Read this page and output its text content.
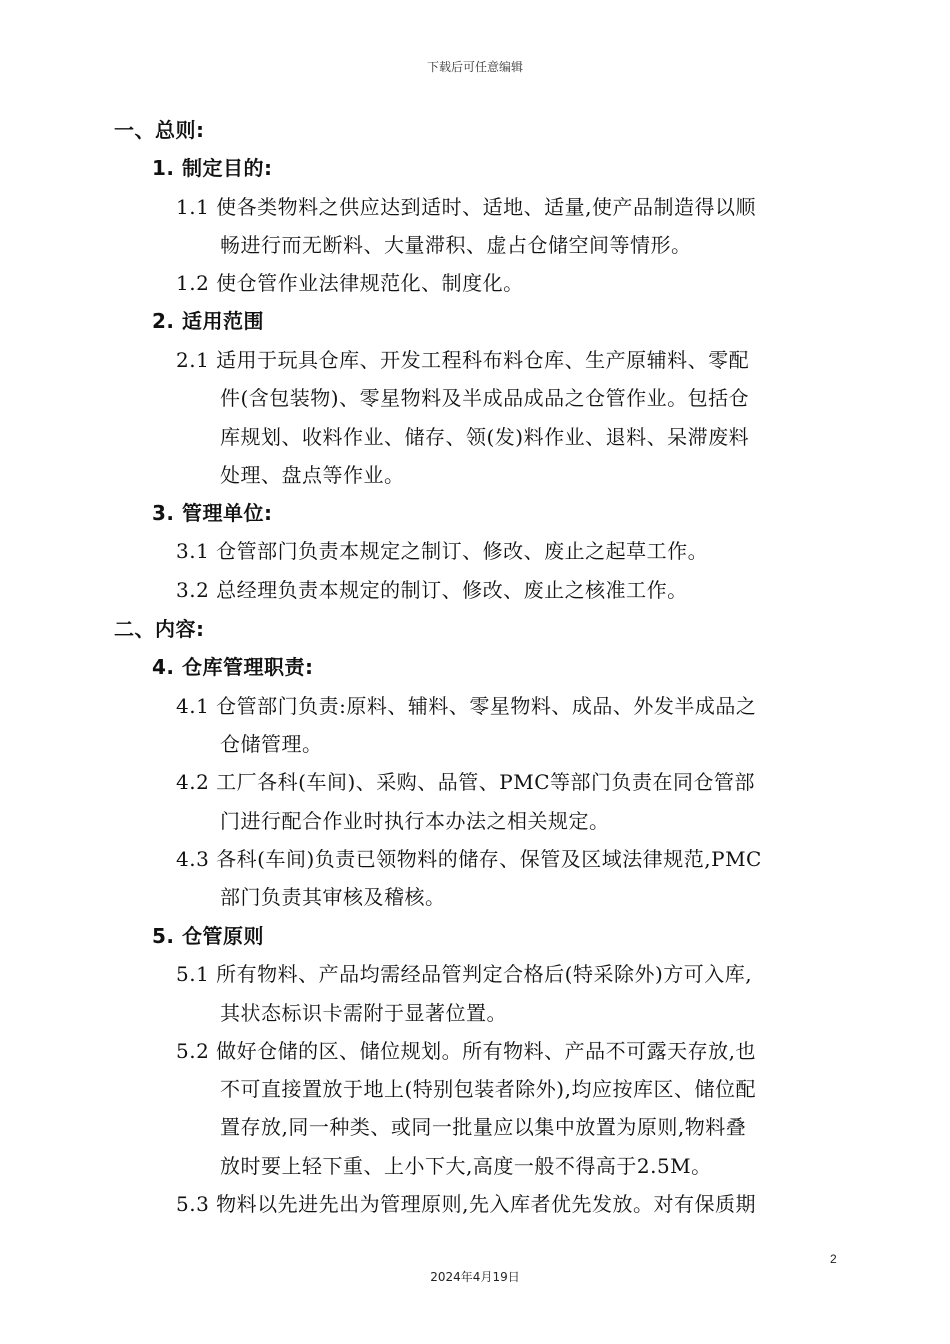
下载后可任意编辑
一、总则:
1. 制定目的:
1.1 使各类物料之供应达到适时、适地、适量,使产品制造得以顺
畅进行而无断料、大量滞积、虚占仓储空间等情形。
1.2 使仓管作业法律规范化、制度化。
2. 适用范围
2.1 适用于玩具仓库、开发工程科布料仓库、生产原辅料、零配
件(含包装物)、零星物料及半成品成品之仓管作业。包括仓
库规划、收料作业、储存、领(发)料作业、退料、呆滞废料
处理、盘点等作业。
3. 管理单位:
3.1 仓管部门负责本规定之制订、修改、废止之起草工作。
3.2 总经理负责本规定的制订、修改、废止之核准工作。
二、内容:
4. 仓库管理职责:
4.1 仓管部门负责:原料、辅料、零星物料、成品、外发半成品之
仓储管理。
4.2 工厂各科(车间)、采购、品管、PMC等部门负责在同仓管部
门进行配合作业时执行本办法之相关规定。
4.3 各科(车间)负责已领物料的储存、保管及区域法律规范,PMC
部门负责其审核及稽核。
5. 仓管原则
5.1 所有物料、产品均需经品管判定合格后(特采除外)方可入库,
其状态标识卡需附于显著位置。
5.2 做好仓储的区、储位规划。所有物料、产品不可露天存放,也
不可直接置放于地上(特别包装者除外),均应按库区、储位配
置存放,同一种类、或同一批量应以集中放置为原则,物料叠
放时要上轻下重、上小下大,高度一般不得高于2.5M。
5.3 物料以先进先出为管理原则,先入库者优先发放。对有保质期
2
2024年4月19日
